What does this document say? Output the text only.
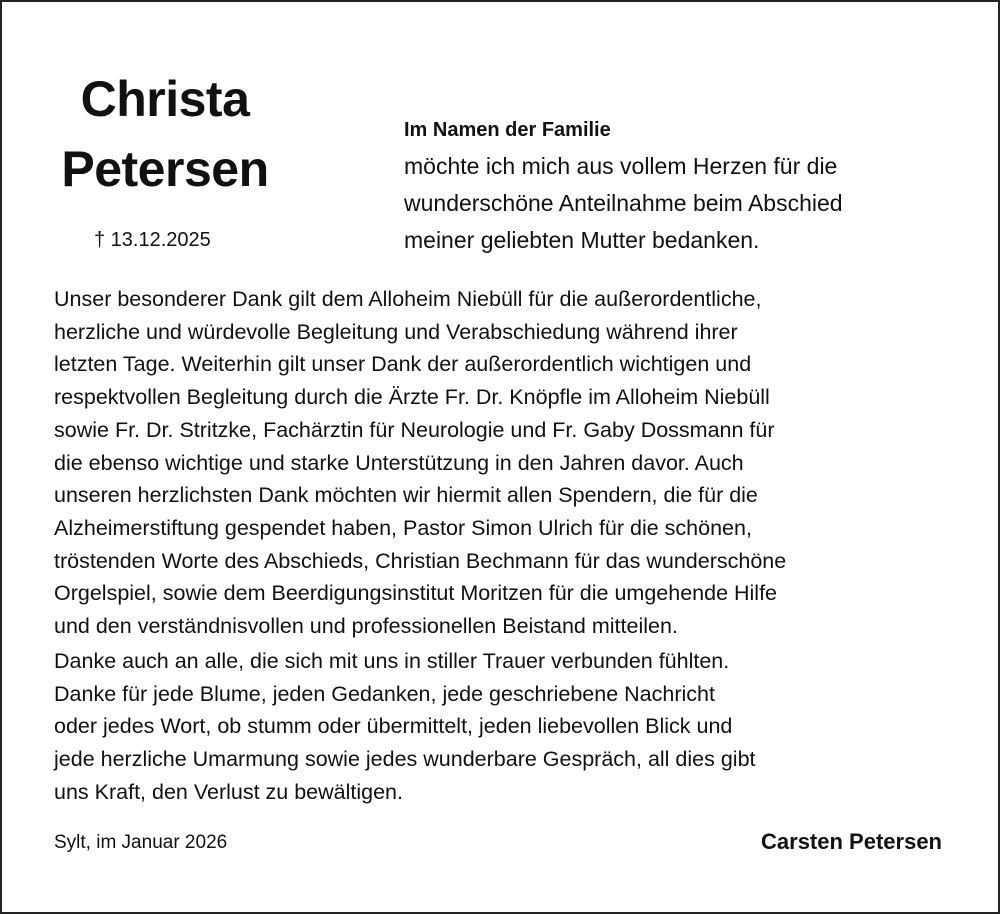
Christa
Petersen
† 13.12.2025

Im Namen der Familie

möchte ich mich aus vollem Herzen für die

wunderschöne Anteilnahme beim Abschied

meiner geliebten Mutter bedanken.

Unser besonderer Dank gilt dem Alloheim Niebüll für die außerordentliche,

herzliche und würdevolle Begleitung und Verabschiedung während ihrer

letzten Tage. Weiterhin gilt unser Dank der außerordentlich wichtigen und

respektvollen Begleitung durch die Ärzte Fr. Dr. Knöpfle im Alloheim Niebüll

sowie Fr. Dr. Stritzke, Fachärztin für Neurologie und Fr. Gaby Dossmann für

die ebenso wichtige und starke Unterstützung in den Jahren davor. Auch

unseren herzlichsten Dank möchten wir hiermit allen Spendern, die für die

Alzheimerstiftung gespendet haben, Pastor Simon Ulrich für die schönen,

tröstenden Worte des Abschieds, Christian Bechmann für das wunderschöne

Orgelspiel, sowie dem Beerdigungsinstitut Moritzen für die umgehende Hilfe

und den verständnisvollen und professionellen Beistand mitteilen.

Danke auch an alle, die sich mit uns in stiller Trauer verbunden fühlten.

Danke für jede Blume, jeden Gedanken, jede geschriebene Nachricht

oder jedes Wort, ob stumm oder übermittelt, jeden liebevollen Blick und

jede herzliche Umarmung sowie jedes wunderbare Gespräch, all dies gibt

uns Kraft, den Verlust zu bewältigen.

Sylt, im Januar 2026	Carsten Petersen
